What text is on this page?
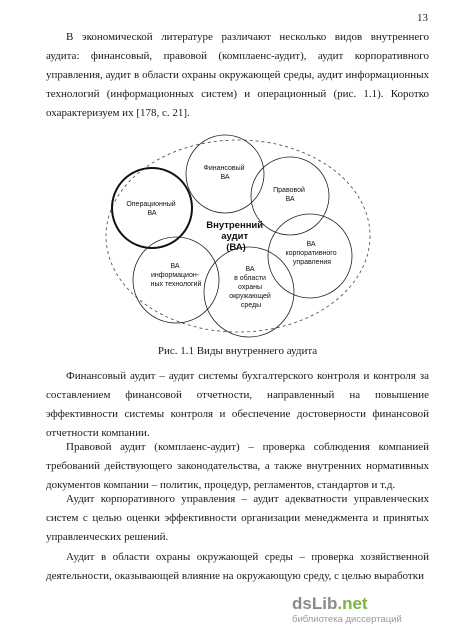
13

В экономической литературе различают несколько видов внутреннего аудита: финансовый, правовой (комплаенс-аудит), аудит корпоративного управления, аудит в области охраны окружающей среды, аудит информационных технологий (информационных систем) и операционный (рис. 1.1). Коротко охарактеризуем их [178, с. 21].

Финансовый ВА
Правовой ВА
Операционный ВА
ВА корпоративного управления
ВА информацион- ных технологий
ВА в области охраны окружающей среды
Внутренний аудит (ВА)
Рис. 1.1 Виды внутреннего аудита

Финансовый аудит – аудит системы бухгалтерского контроля и контроля за составлением финансовой отчетности, направленный на повышение эффективности системы контроля и обеспечение достоверности финансовой отчетности компании.

Правовой аудит (комплаенс-аудит) – проверка соблюдения компанией требований действующего законодательства, а также внутренних нормативных документов компании – политик, процедур, регламентов, стандартов и т.д.

Аудит корпоративного управления – аудит адекватности управленческих систем с целью оценки эффективности организации менеджмента и принятых управленческих решений.

Аудит в области охраны окружающей среды – проверка хозяйственной деятельности, оказывающей влияние на окружающую среду, с целью выработки

dsLib.net
библиотека диссертаций
